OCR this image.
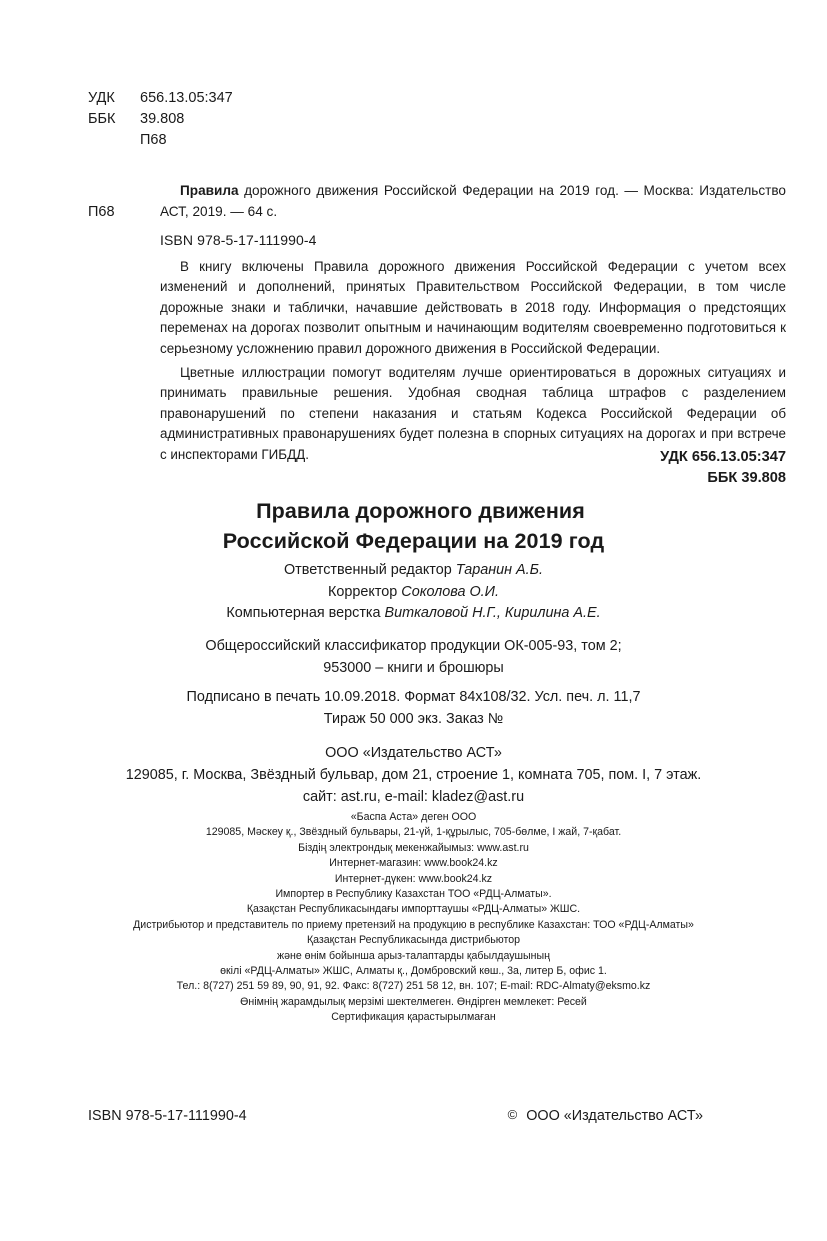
УДК 656.13.05:347
ББК 39.808
П68
П68
Правила дорожного движения Российской Федерации на 2019 год. — Москва: Издательство АСТ, 2019. — 64 с.
ISBN 978-5-17-111990-4

В книгу включены Правила дорожного движения Российской Федерации с учетом всех изменений и дополнений, принятых Правительством Российской Федерации, в том числе дорожные знаки и таблички, начавшие действовать в 2018 году. Информация о предстоящих переменах на дорогах позволит опытным и начинающим водителям своевременно подготовиться к серьезному усложнению правил дорожного движения в Российской Федерации.

Цветные иллюстрации помогут водителям лучше ориентироваться в дорожных ситуациях и принимать правильные решения. Удобная сводная таблица штрафов с разделением правонарушений по степени наказания и статьям Кодекса Российской Федерации об административных правонарушениях будет полезна в спорных ситуациях на дорогах и при встрече с инспекторами ГИБДД.	УДК 656.13.05:347
ББК 39.808
Правила дорожного движения
Российской Федерации на 2019 год
Ответственный редактор Таранин А.Б.
Корректор Соколова О.И.
Компьютерная верстка Виткаловой Н.Г., Кирилина А.Е.
Общероссийский классификатор продукции ОК-005-93, том 2;
953000 – книги и брошюры
Подписано в печать 10.09.2018. Формат 84х108/32. Усл. печ. л. 11,7
Тираж 50 000 экз. Заказ №
ООО «Издательство АСТ»
129085, г. Москва, Звёздный бульвар, дом 21, строение 1, комната 705, пом. I, 7 этаж.
сайт: ast.ru, e-mail: kladez@ast.ru
«Баспа Аста» деген ООО
129085, Мәскеу қ., Звёздный бульвары, 21-үй, 1-құрылыс, 705-бөлме, I жай, 7-қабат.
Біздің электрондық мекенжайымыз: www.ast.ru
Интернет-магазин: www.book24.kz
Интернет-дүкен: www.book24.kz
Импортер в Республику Казахстан ТОО «РДЦ-Алматы».
Қазақстан Республикасындағы импорттаушы «РДЦ-Алматы» ЖШС.
Дистрибьютор и представитель по приему претензий на продукцию в республике Казахстан: ТОО «РДЦ-Алматы»
Қазақстан Республикасында дистрибьютор
және өнім бойынша арыз-талаптарды қабылдаушының
өкілі «РДЦ-Алматы» ЖШС, Алматы қ., Домбровский көш., 3а, литер Б, офис 1.
Тел.: 8(727) 251 59 89, 90, 91, 92. Факс: 8(727) 251 58 12, вн. 107; E-mail: RDC-Almaty@eksmo.kz
Өнімнің жарамдылық мерзімі шектелмеген. Өндірген мемлекет: Ресей
Сертификация қарастырылмаған
ISBN 978-5-17-111990-4	© ООО «Издательство АСТ»
